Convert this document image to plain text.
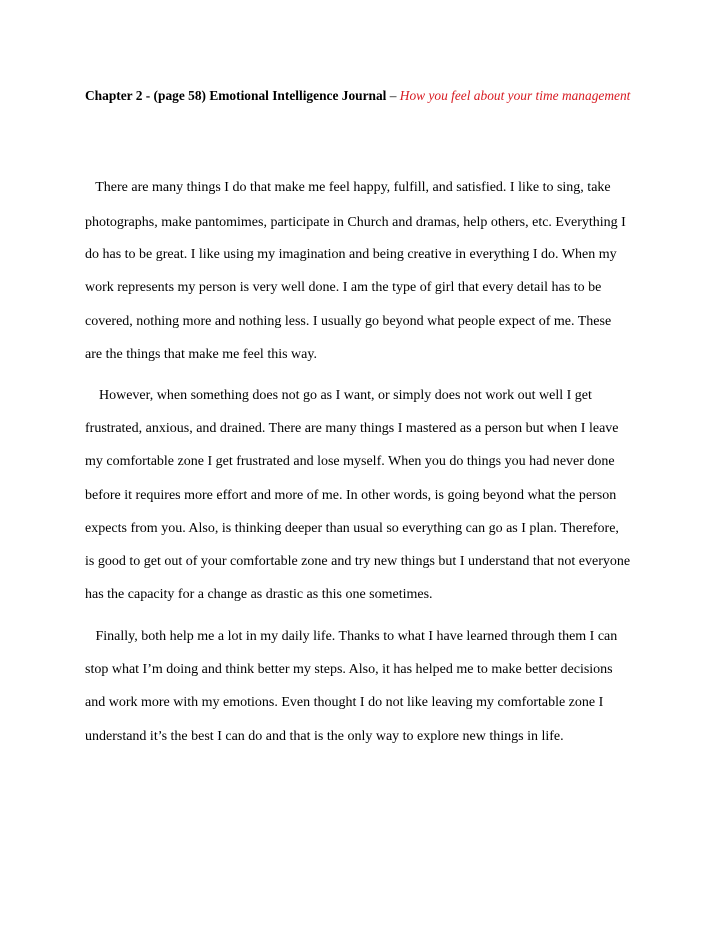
Chapter 2 - (page 58) Emotional Intelligence Journal – How you feel about your time management

There are many things I do that make me feel happy, fulfill, and satisfied. I like to sing, take

photographs, make pantomimes, participate in Church and dramas, help others, etc. Everything I

do has to be great. I like using my imagination and being creative in everything I do. When my

work represents my person is very well done. I am the type of girl that every detail has to be

covered, nothing more and nothing less. I usually go beyond what people expect of me. These

are the things that make me feel this way.

However, when something does not go as I want, or simply does not work out well I get

frustrated, anxious, and drained. There are many things I mastered as a person but when I leave

my comfortable zone I get frustrated and lose myself. When you do things you had never done

before it requires more effort and more of me. In other words, is going beyond what the person

expects from you. Also, is thinking deeper than usual so everything can go as I plan. Therefore,

is good to get out of your comfortable zone and try new things but I understand that not everyone

has the capacity for a change as drastic as this one sometimes.

Finally, both help me a lot in my daily life. Thanks to what I have learned through them I can

stop what I’m doing and think better my steps. Also, it has helped me to make better decisions

and work more with my emotions. Even thought I do not like leaving my comfortable zone I

understand it’s the best I can do and that is the only way to explore new things in life.
